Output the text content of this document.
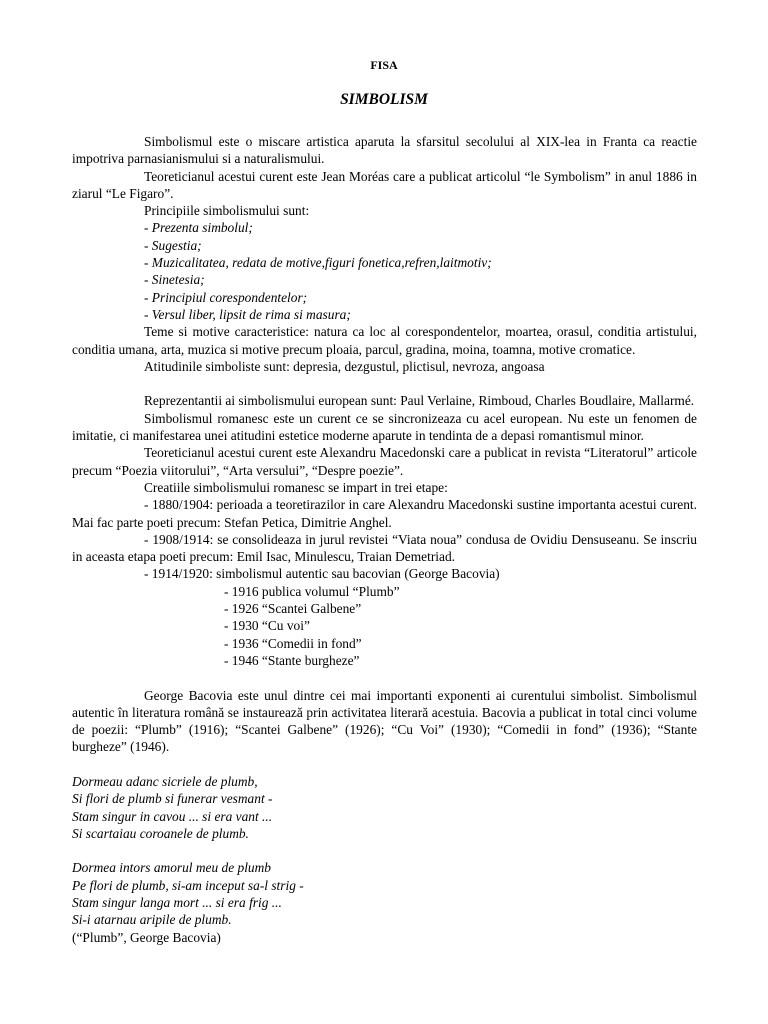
FISA
SIMBOLISM

Simbolismul este o miscare artistica aparuta la sfarsitul secolului al XIX-lea in Franta ca reactie impotriva parnasianismului si a naturalismului.

Teoreticianul acestui curent este Jean Moréas care a publicat articolul “le Symbolism” in anul 1886 in ziarul “Le Figaro”.

Principiile simbolismului sunt:

- Prezenta simbolul;

- Sugestia;

- Muzicalitatea, redata de motive,figuri fonetica,refren,laitmotiv;

- Sinetesia;

- Principiul corespondentelor;

- Versul liber, lipsit de rima si masura;

Teme si motive caracteristice: natura ca loc al corespondentelor, moartea, orasul, conditia artistului, conditia umana, arta, muzica si motive precum ploaia, parcul, gradina, moina, toamna, motive cromatice.

Atitudinile simboliste sunt: depresia, dezgustul, plictisul, nevroza, angoasa

Reprezentantii ai simbolismului european sunt: Paul Verlaine, Rimboud, Charles Boudlaire, Mallarmé.

Simbolismul romanesc este un curent ce se sincronizeaza cu acel european. Nu este un fenomen de imitatie, ci manifestarea unei atitudini estetice moderne aparute in tendinta de a depasi romantismul minor.

Teoreticianul acestui curent este Alexandru Macedonski care a publicat in revista “Literatorul” articole precum “Poezia viitorului”, “Arta versului”, “Despre poezie”.

Creatiile simbolismului romanesc se impart in trei etape:

- 1880/1904: perioada a teoretirazilor in care Alexandru Macedonski sustine importanta acestui curent. Mai fac parte poeti precum: Stefan Petica, Dimitrie Anghel.

- 1908/1914: se consolideaza in jurul revistei “Viata noua” condusa de Ovidiu Densuseanu. Se inscriu in aceasta etapa poeti precum: Emil Isac, Minulescu, Traian Demetriad.

- 1914/1920: simbolismul autentic sau bacovian (George Bacovia)

- 1916 publica volumul “Plumb”

- 1926 “Scantei Galbene”

- 1930 “Cu voi”

- 1936 “Comedii in fond”

- 1946 “Stante burgheze”

George Bacovia este unul dintre cei mai importanti exponenti ai curentului simbolist. Simbolismul autentic în literatura română se instaurează prin activitatea literară acestuia. Bacovia a publicat in total cinci volume de poezii: “Plumb” (1916); “Scantei Galbene” (1926); “Cu Voi” (1930); “Comedii in fond” (1936); “Stante burgheze” (1946).

Dormeau adanc sicriele de plumb,

Si flori de plumb si funerar vesmant -

Stam singur in cavou ... si era vant ...

Si scartaiau coroanele de plumb.

Dormea intors amorul meu de plumb

Pe flori de plumb, si-am inceput sa-l strig -

Stam singur langa mort ... si era frig ...

Si-i atarnau aripile de plumb.

(“Plumb”, George Bacovia)
